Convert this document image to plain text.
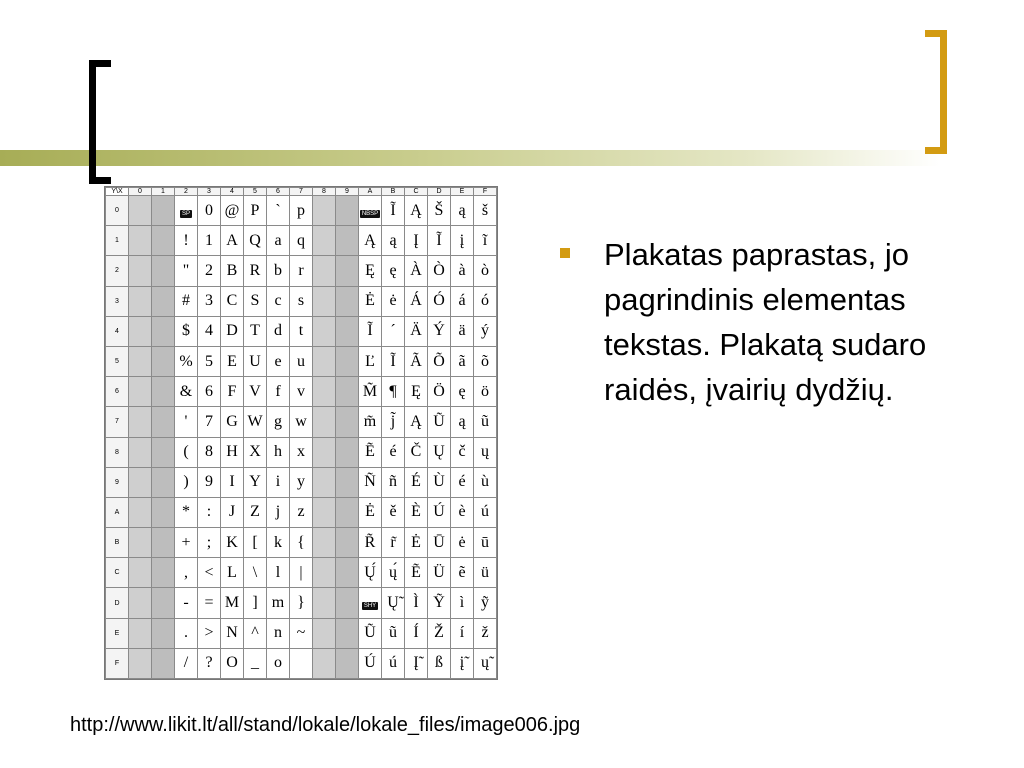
Y\X	0	1	2	3	4	5	6	7	8	9	A	B	C	D	E	F
0			SP	0	@	P	`	p			NBSP	Ĩ	Ą	Š	ą	š
1			!	1	A	Q	a	q			Ą	ą	Į	Ĩ	į	ĩ
2			"	2	B	R	b	r			Ę	ę	À	Ò	à	ò
3			#	3	C	S	c	s			Ė	ė	Á	Ó	á	ó
4			$	4	D	T	d	t			Ĩ	´	Ä	Ý	ä	ý
5			%	5	E	U	e	u			Ľ	Ĩ	Ã	Õ	ã	õ
6			&	6	F	V	f	v			M̃	¶	Ę	Ö	ę	ö
7			'	7	G	W	g	w			m̃	j̃	Ą	Ũ	ą	ũ
8			(	8	H	X	h	x			Ẽ	é	Č	Ų	č	ų
9			)	9	I	Y	i	y			Ñ	ñ	É	Ù	é	ù
A			*	:	J	Z	j	z			Ė	ě	È	Ú	è	ú
B			+	;	K	[	k	{			R̃	r̃	Ė	Ū	ė	ū
C			,	<	L	\	l	|			Ų́	ų́	Ẽ	Ü	ẽ	ü
D			-	=	M	]	m	}			SHY	Ų̃	Ì	Ỹ	ì	ỹ
E			.	>	N	^	n	~			Ũ	ũ	Í	Ž	í	ž
F			/	?	O	_	o				Ú	ú	Į̃	ß	į̃	ų̃
Plakatas paprastas, jo pagrindinis elementas tekstas. Plakatą sudaro raidės, įvairių dydžių.
http://www.likit.lt/all/stand/lokale/lokale_files/image006.jpg
